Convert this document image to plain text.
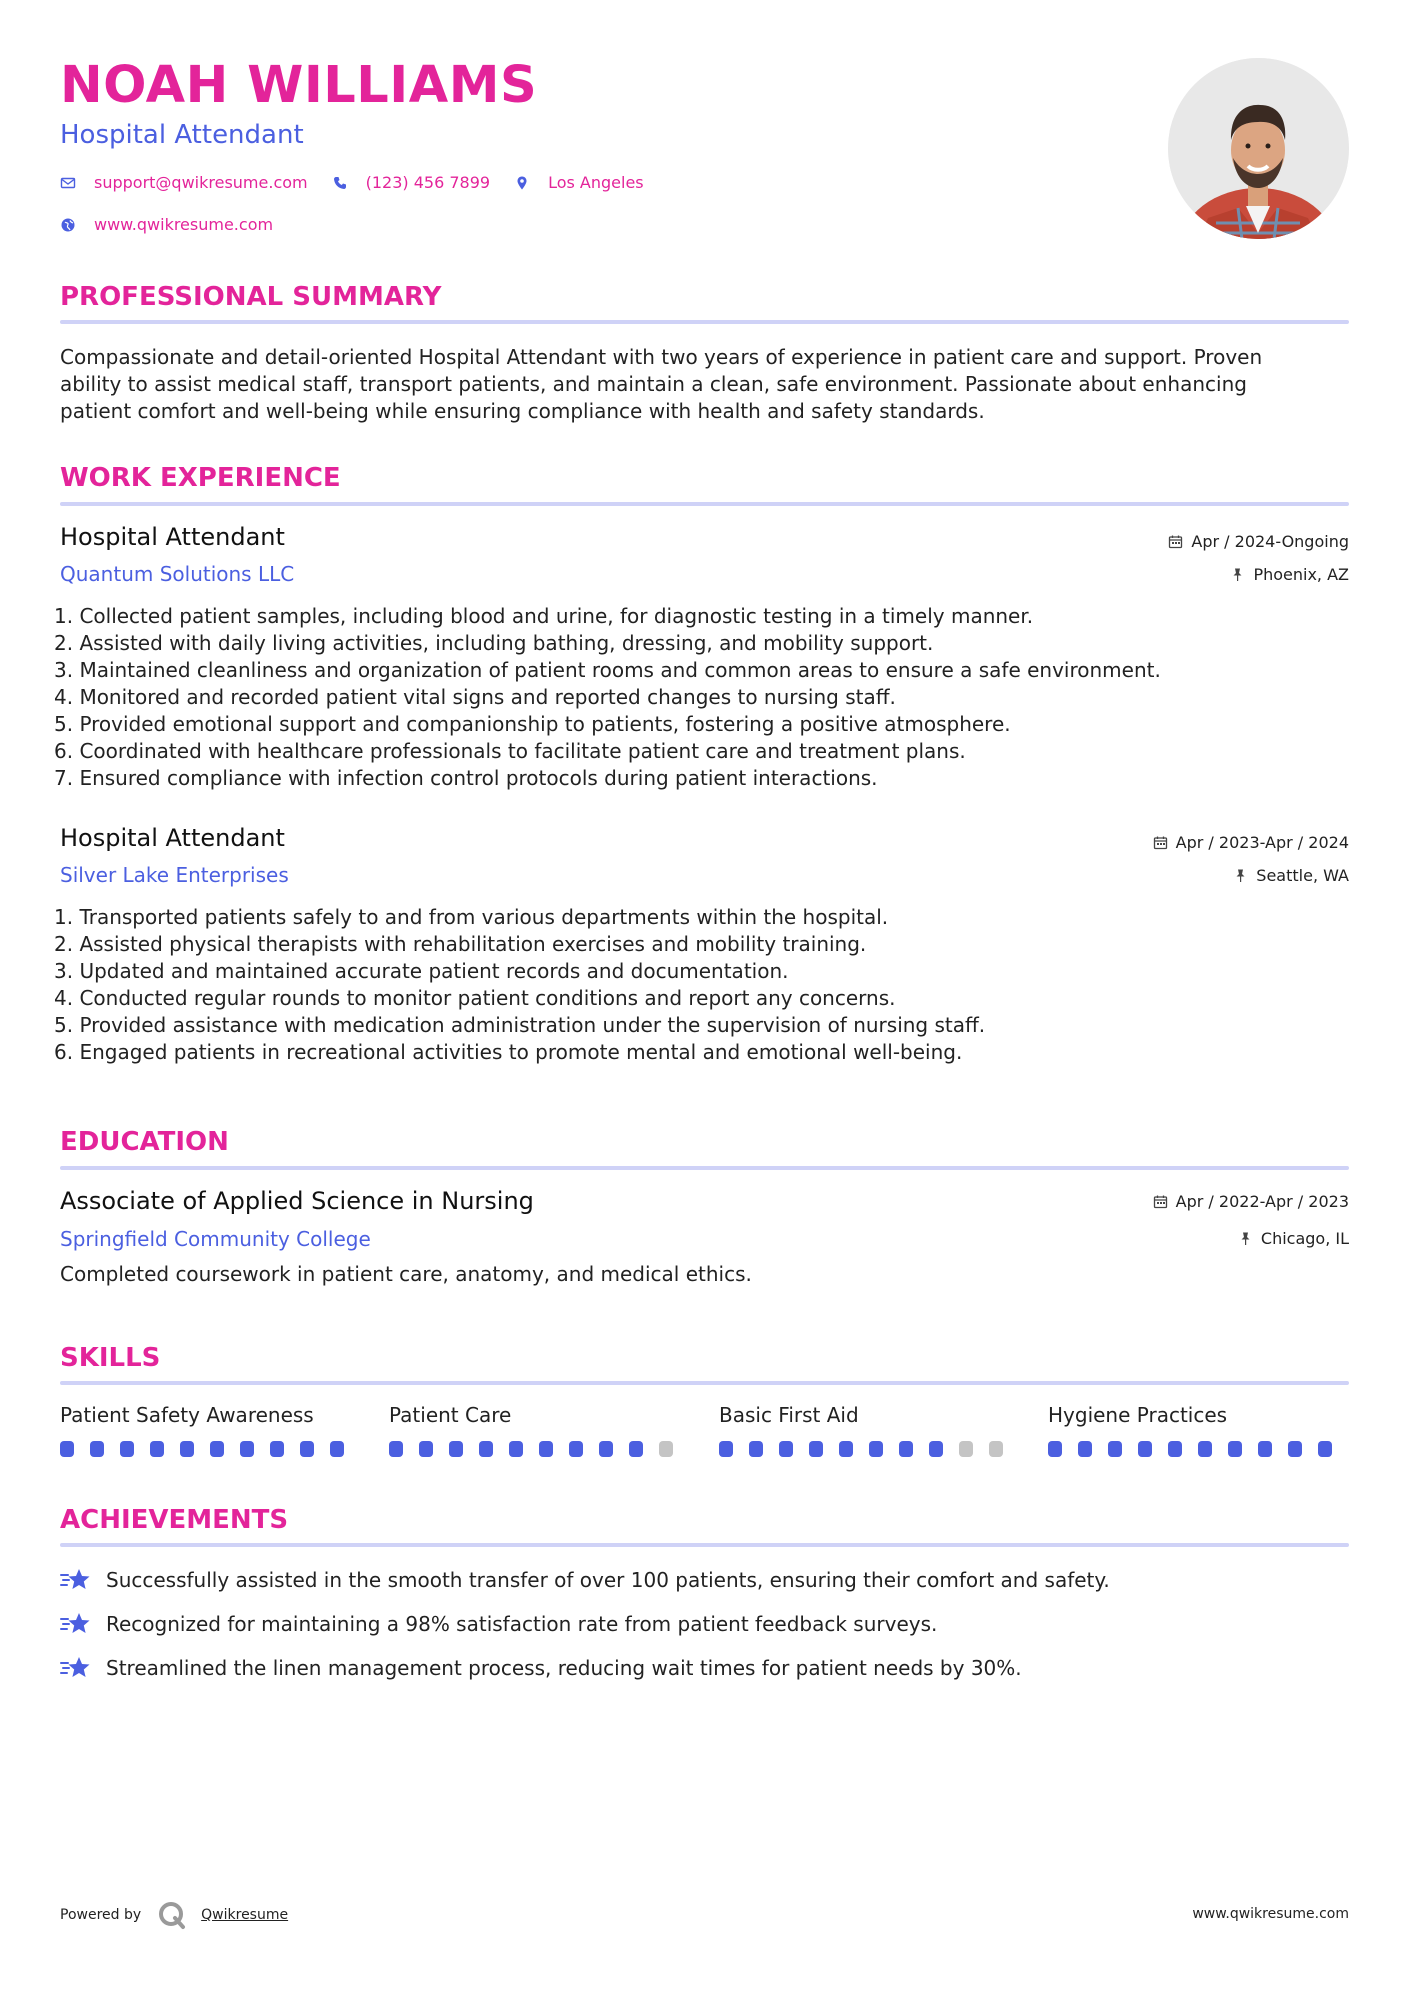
NOAH WILLIAMS
Hospital Attendant
support@qwikresume.com	(123) 456 7899	Los Angeles
www.qwikresume.com
PROFESSIONAL SUMMARY
Compassionate and detail-oriented Hospital Attendant with two years of experience in patient care and support. Proven
ability to assist medical staff, transport patients, and maintain a clean, safe environment. Passionate about enhancing
patient comfort and well-being while ensuring compliance with health and safety standards.
WORK EXPERIENCE
Hospital Attendant
Quantum Solutions LLC
Apr / 2024-Ongoing
Phoenix, AZ
1. Collected patient samples, including blood and urine, for diagnostic testing in a timely manner.
2. Assisted with daily living activities, including bathing, dressing, and mobility support.
3. Maintained cleanliness and organization of patient rooms and common areas to ensure a safe environment.
4. Monitored and recorded patient vital signs and reported changes to nursing staff.
5. Provided emotional support and companionship to patients, fostering a positive atmosphere.
6. Coordinated with healthcare professionals to facilitate patient care and treatment plans.
7. Ensured compliance with infection control protocols during patient interactions.
Hospital Attendant
Silver Lake Enterprises
Apr / 2023-Apr / 2024
Seattle, WA
1. Transported patients safely to and from various departments within the hospital.
2. Assisted physical therapists with rehabilitation exercises and mobility training.
3. Updated and maintained accurate patient records and documentation.
4. Conducted regular rounds to monitor patient conditions and report any concerns.
5. Provided assistance with medication administration under the supervision of nursing staff.
6. Engaged patients in recreational activities to promote mental and emotional well-being.
EDUCATION
Associate of Applied Science in Nursing
Springfield Community College
Apr / 2022-Apr / 2023
Chicago, IL
Completed coursework in patient care, anatomy, and medical ethics.
SKILLS
Patient Safety Awareness	Patient Care	Basic First Aid	Hygiene Practices
ACHIEVEMENTS
Successfully assisted in the smooth transfer of over 100 patients, ensuring their comfort and safety.
Recognized for maintaining a 98% satisfaction rate from patient feedback surveys.
Streamlined the linen management process, reducing wait times for patient needs by 30%.
Powered by	Qwikresume	www.qwikresume.com
